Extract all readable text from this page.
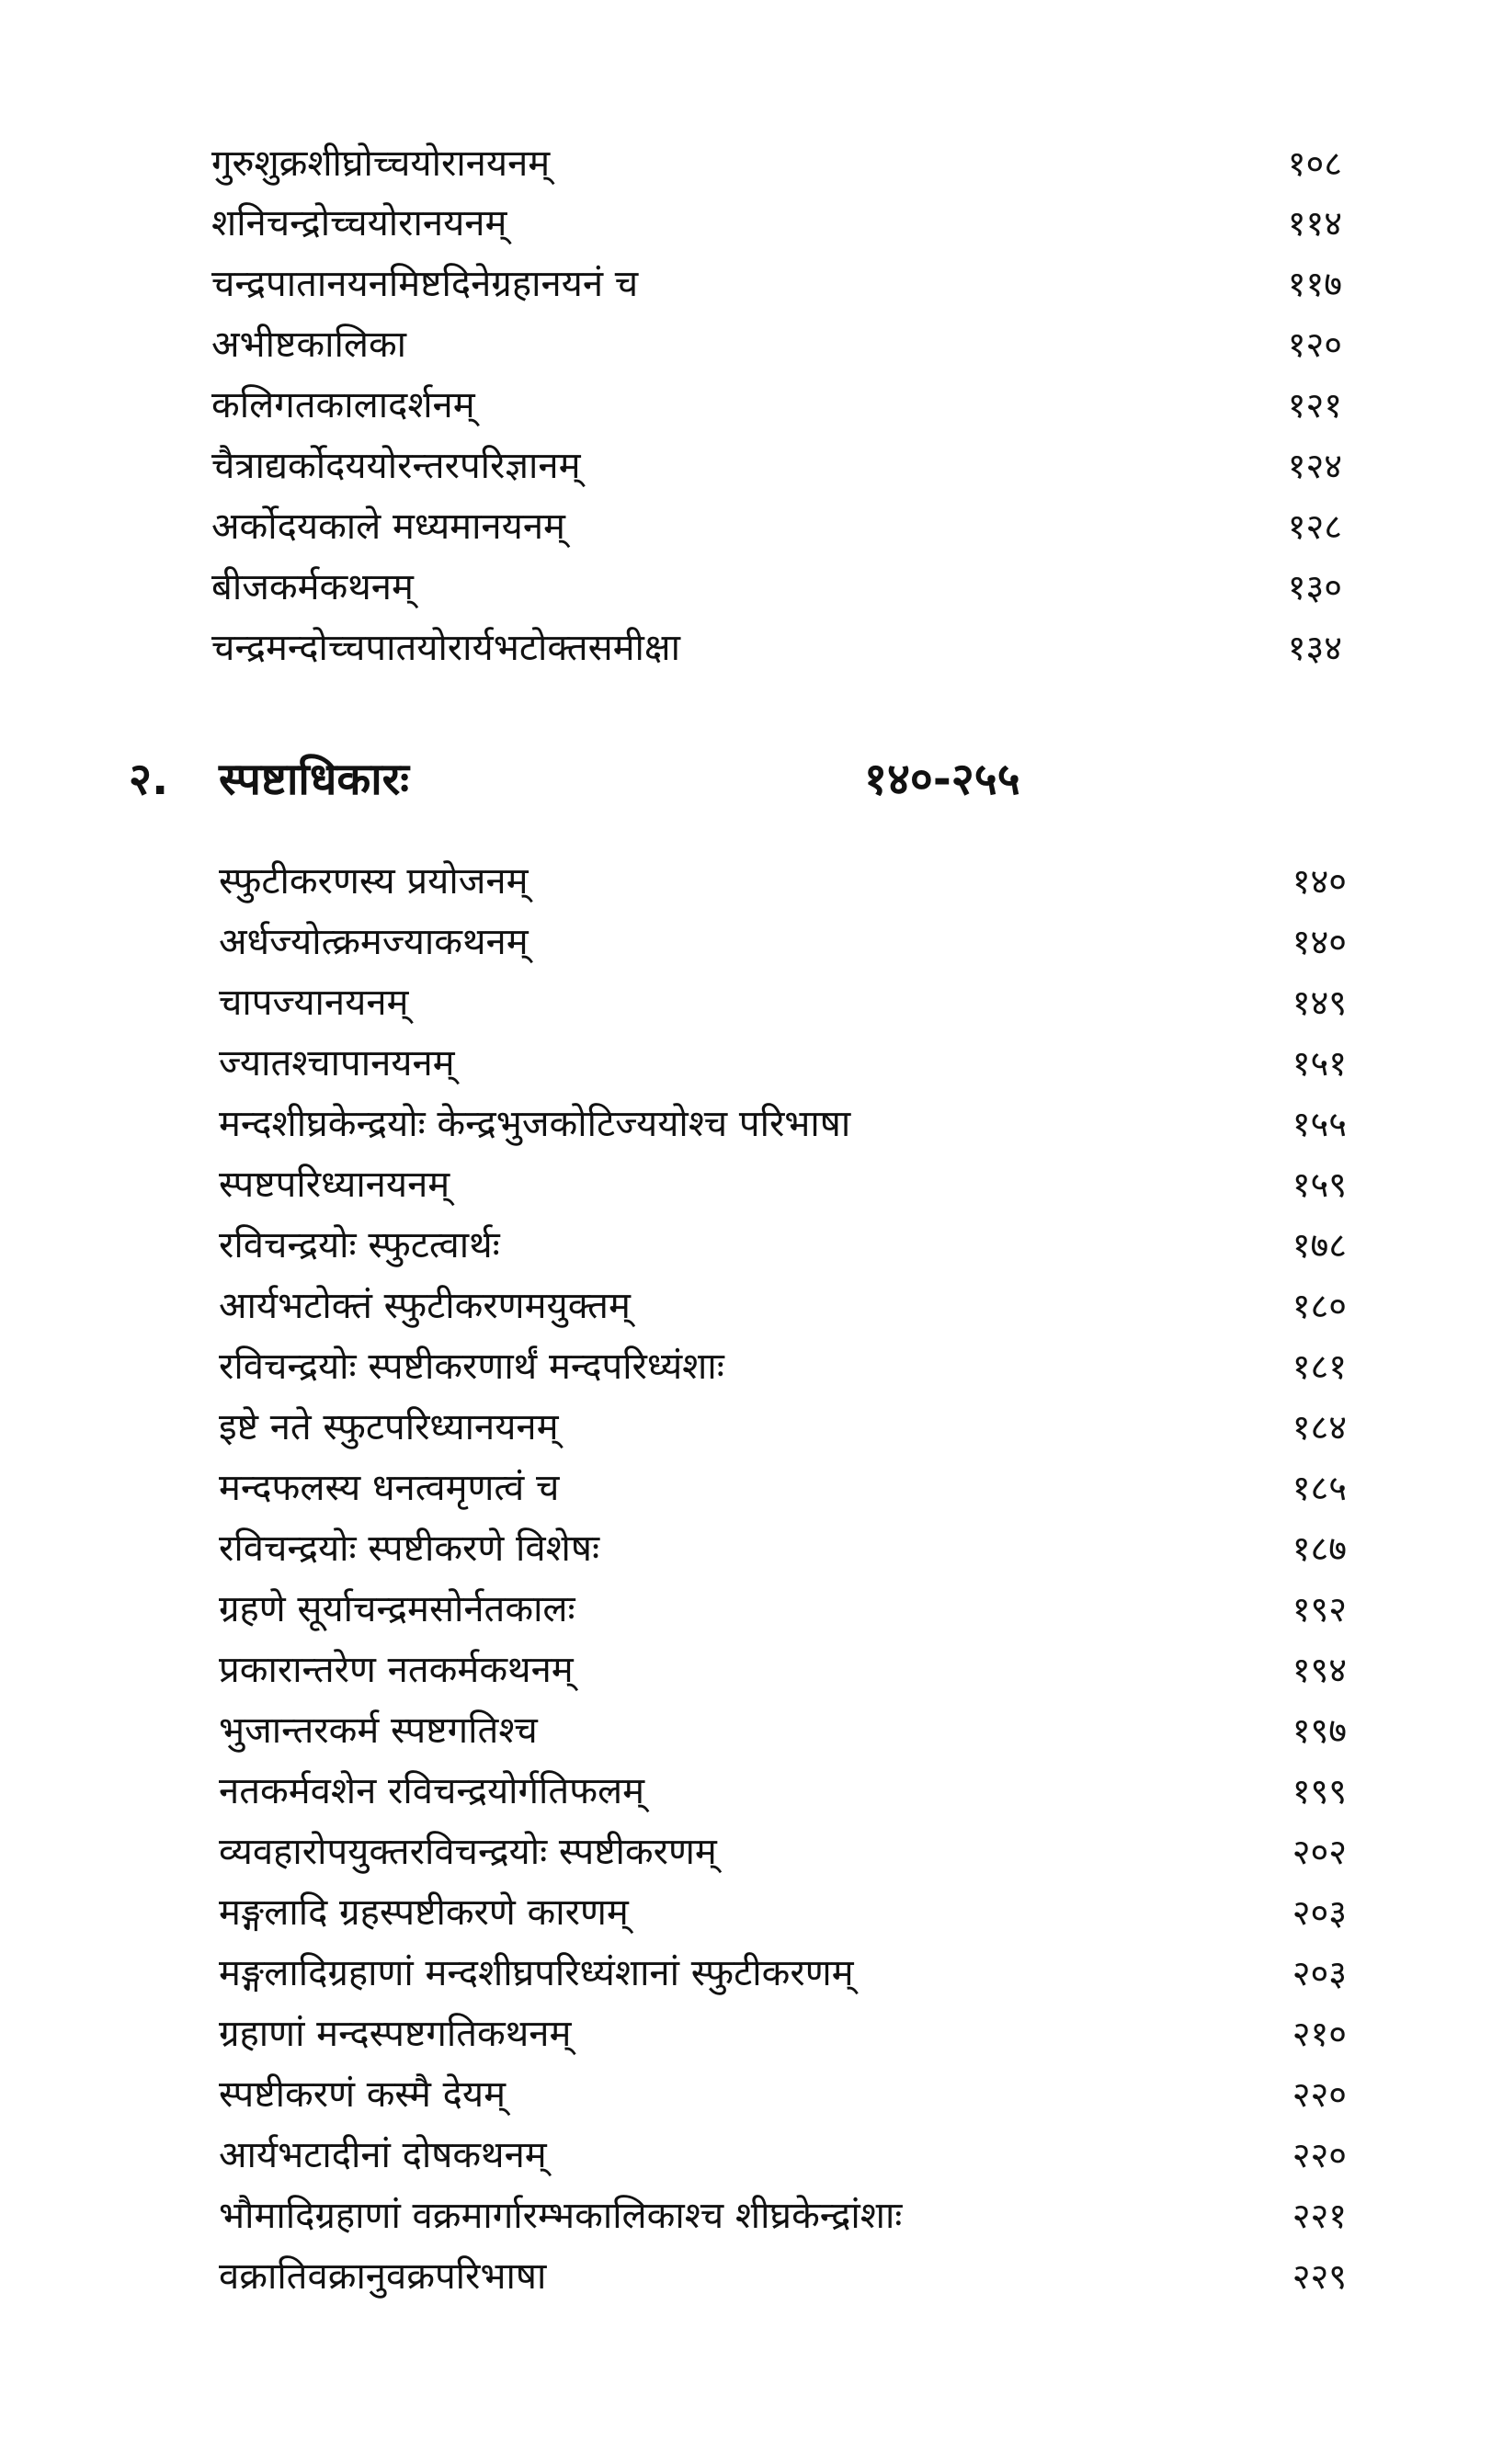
गुरुशुक्रशीघ्रोच्चयोरानयनम्	१०८
शनिचन्द्रोच्चयोरानयनम्	११४
चन्द्रपातानयनमिष्टदिनेग्रहानयनं च	११७
अभीष्टकालिका	१२०
कलिगतकालादर्शनम्	१२१
चैत्राद्यर्कोदययोरन्तरपरिज्ञानम्	१२४
अर्कोदयकाले मध्यमानयनम्	१२८
बीजकर्मकथनम्	१३०
चन्द्रमन्दोच्चपातयोरार्यभटोक्तसमीक्षा	१३४
२. स्पष्टाधिकारः	१४०-२५५
स्फुटीकरणस्य प्रयोजनम्	१४०
अर्धज्योत्क्रमज्याकथनम्	१४०
चापज्यानयनम्	१४९
ज्यातश्चापानयनम्	१५१
मन्दशीघ्रकेन्द्रयोः केन्द्रभुजकोटिज्ययोश्च परिभाषा	१५५
स्पष्टपरिध्यानयनम्	१५९
रविचन्द्रयोः स्फुटत्वार्थः	१७८
आर्यभटोक्तं स्फुटीकरणमयुक्तम्	१८०
रविचन्द्रयोः स्पष्टीकरणार्थं मन्दपरिध्यंशाः	१८१
इष्टे नते स्फुटपरिध्यानयनम्	१८४
मन्दफलस्य धनत्वमृणत्वं च	१८५
रविचन्द्रयोः स्पष्टीकरणे विशेषः	१८७
ग्रहणे सूर्याचन्द्रमसोर्नतकालः	१९२
प्रकारान्तरेण नतकर्मकथनम्	१९४
भुजान्तरकर्म स्पष्टगतिश्च	१९७
नतकर्मवशेन रविचन्द्रयोर्गतिफलम्	१९९
व्यवहारोपयुक्तरविचन्द्रयोः स्पष्टीकरणम्	२०२
मङ्गलादि ग्रहस्पष्टीकरणे कारणम्	२०३
मङ्गलादिग्रहाणां मन्दशीघ्रपरिध्यंशानां स्फुटीकरणम्	२०३
ग्रहाणां मन्दस्पष्टगतिकथनम्	२१०
स्पष्टीकरणं कस्मै देयम्	२२०
आर्यभटादीनां दोषकथनम्	२२०
भौमादिग्रहाणां वक्रमार्गारम्भकालिकाश्च शीघ्रकेन्द्रांशाः	२२१
वक्रातिवक्रानुवक्रपरिभाषा	२२९
